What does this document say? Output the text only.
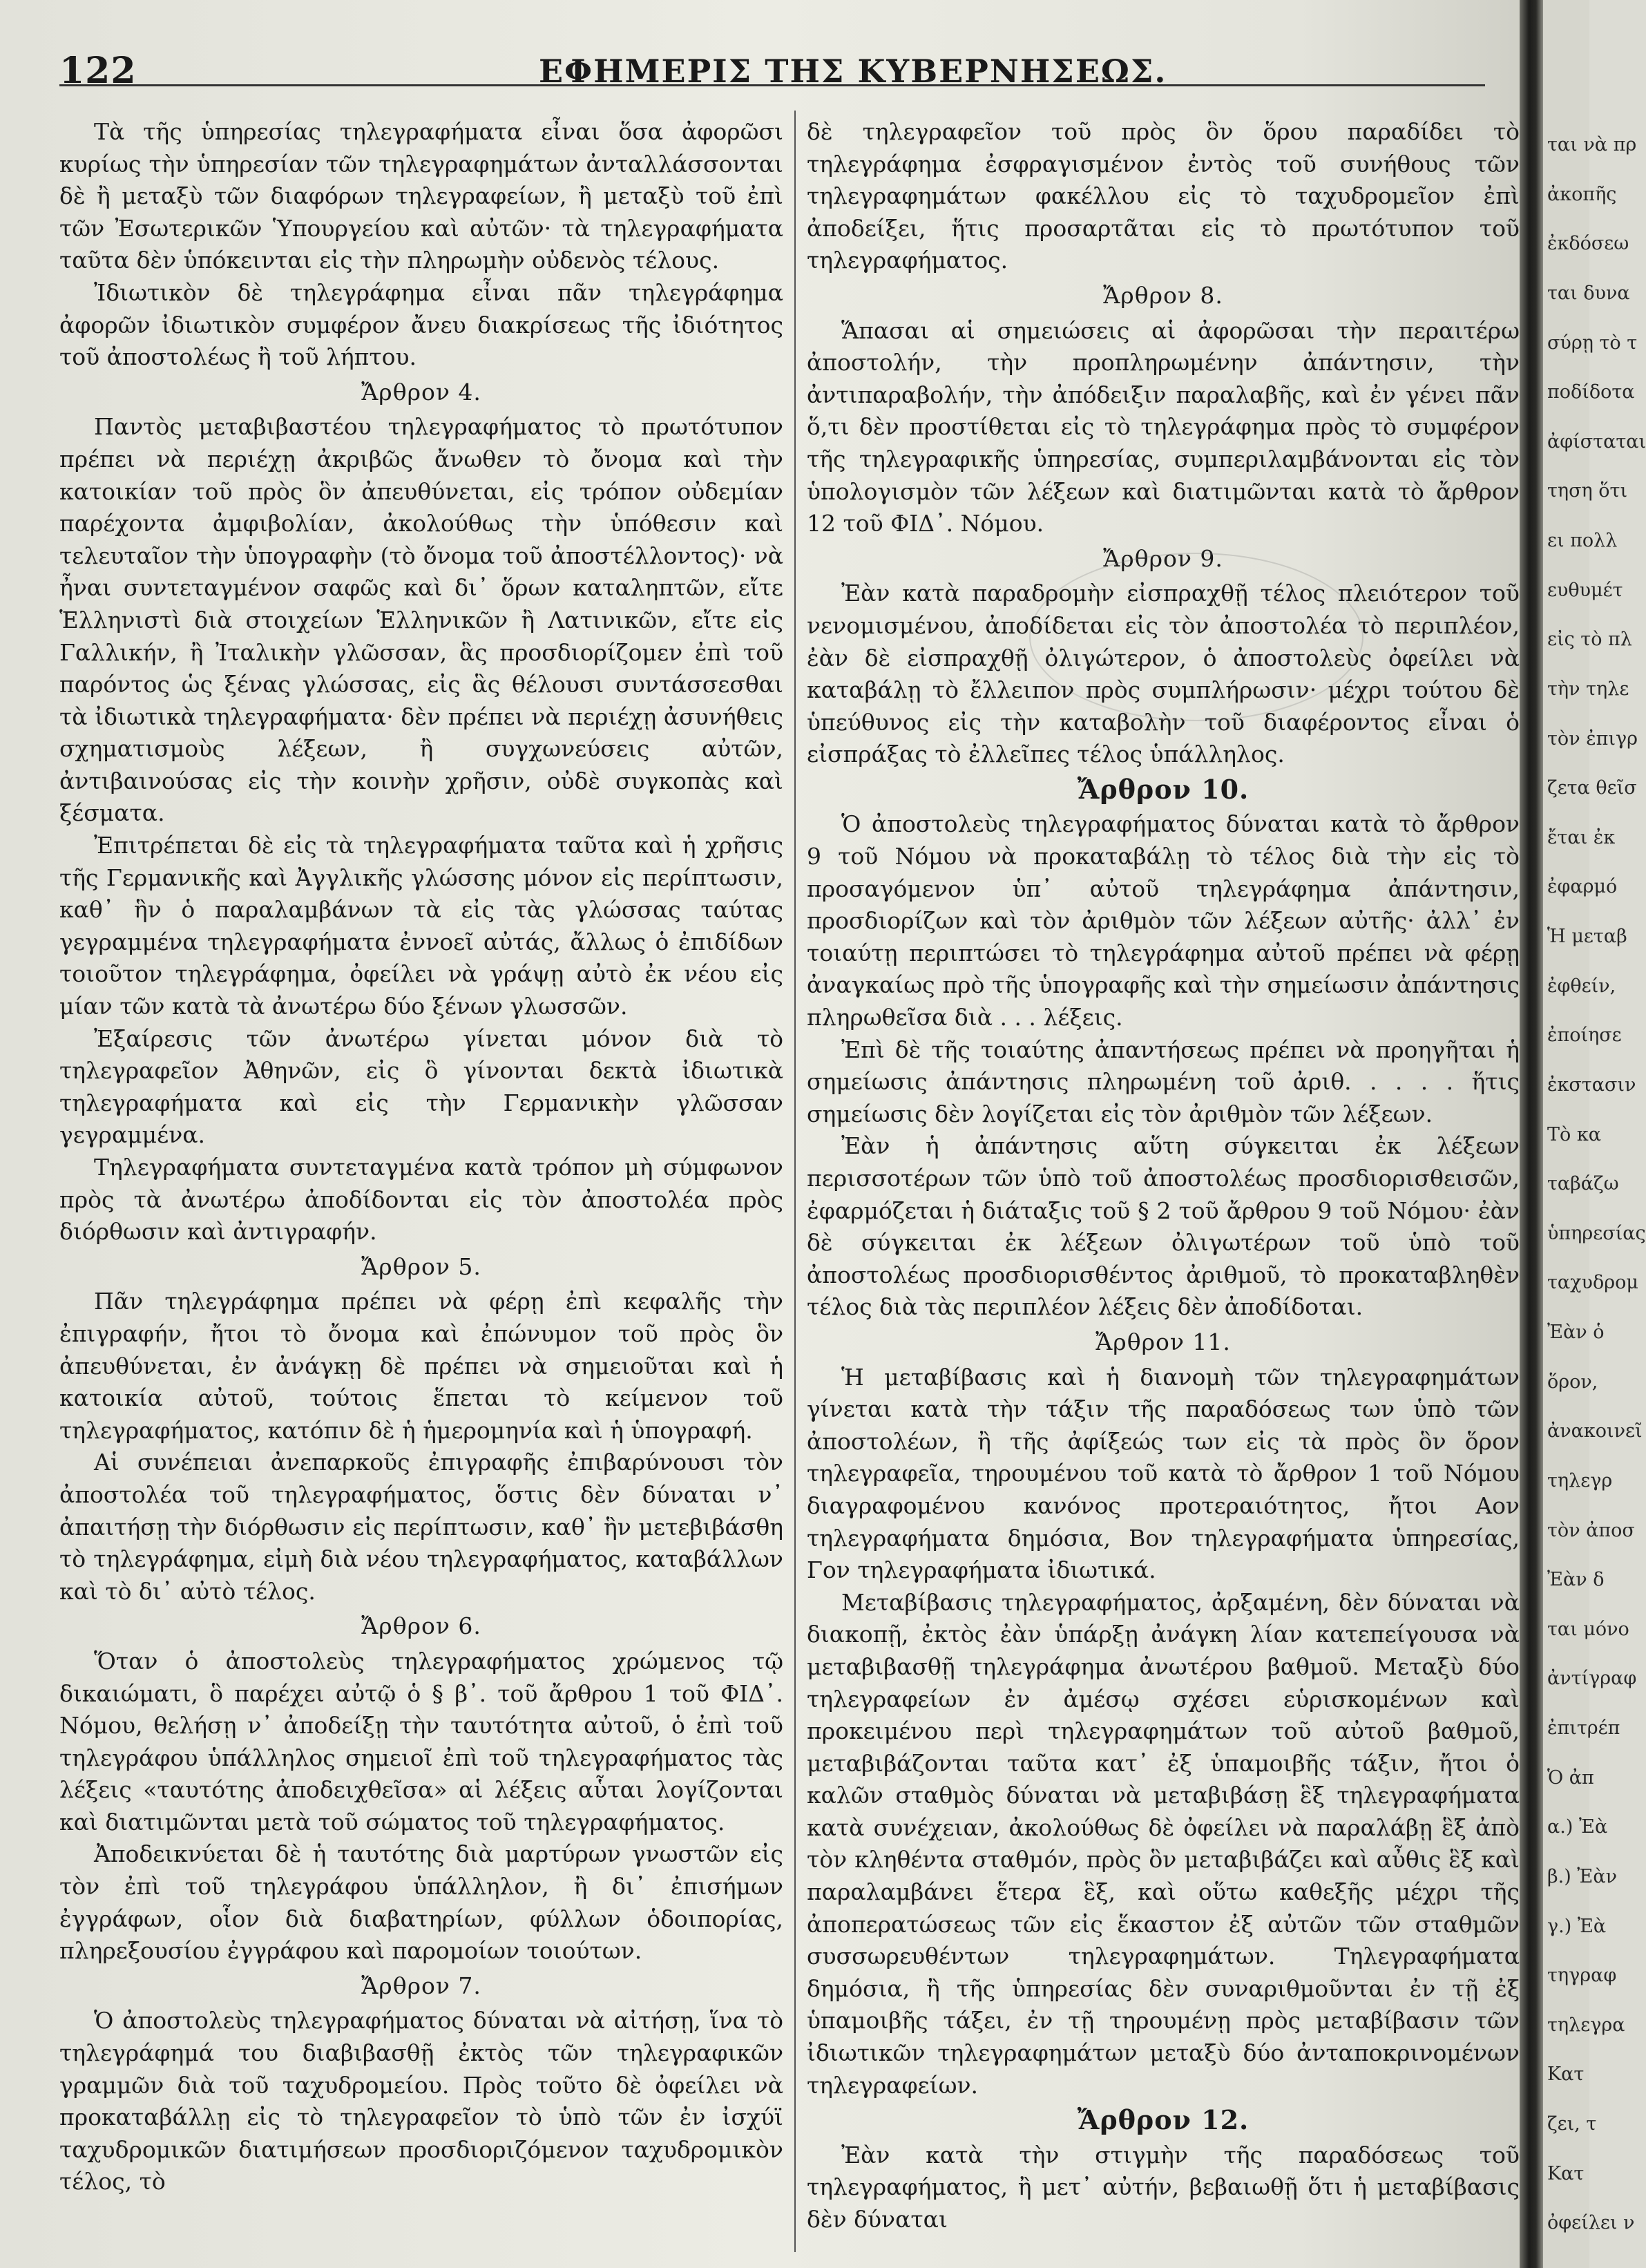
122	ΕΦΗΜΕΡΙΣ ΤΗΣ ΚΥΒΕΡΝΗΣΕΩΣ.

Τὰ τῆς ὑπηρεσίας τηλεγραφήματα εἶναι ὅσα ἀφορῶσι κυρίως τὴν ὑπηρεσίαν τῶν τηλεγραφημάτων ἀνταλλάσσονται δὲ ἢ μεταξὺ τῶν διαφόρων τηλεγραφείων, ἢ μεταξὺ τοῦ ἐπὶ τῶν Ἐσωτερικῶν Ὑπουργείου καὶ αὐτῶν· τὰ τηλεγραφήματα ταῦτα δὲν ὑπόκεινται εἰς τὴν πληρωμὴν οὐδενὸς τέλους.

Ἰδιωτικὸν δὲ τηλεγράφημα εἶναι πᾶν τηλεγράφημα ἀφορῶν ἰδιωτικὸν συμφέρον ἄνευ διακρίσεως τῆς ἰδιότητος τοῦ ἀποστολέως ἢ τοῦ λήπτου.

Ἄρθρον 4.

Παντὸς μεταβιβαστέου τηλεγραφήματος τὸ πρωτότυπον πρέπει νὰ περιέχῃ ἀκριβῶς ἄνωθεν τὸ ὄνομα καὶ τὴν κατοικίαν τοῦ πρὸς ὃν ἀπευθύνεται, εἰς τρόπον οὐδεμίαν παρέχοντα ἀμφιβολίαν, ἀκολούθως τὴν ὑπόθεσιν καὶ τελευταῖον τὴν ὑπογραφὴν (τὸ ὄνομα τοῦ ἀποστέλλοντος)· νὰ ἦναι συντεταγμένον σαφῶς καὶ δι᾽ ὅρων καταληπτῶν, εἴτε Ἑλληνιστὶ διὰ στοιχείων Ἑλληνικῶν ἢ Λατινικῶν, εἴτε εἰς Γαλλικήν, ἢ Ἰταλικὴν γλῶσσαν, ἃς προσδιορίζομεν ἐπὶ τοῦ παρόντος ὡς ξένας γλώσσας, εἰς ἃς θέλουσι συντάσσεσθαι τὰ ἰδιωτικὰ τηλεγραφήματα· δὲν πρέπει νὰ περιέχῃ ἀσυνήθεις σχηματισμοὺς λέξεων, ἢ συγχωνεύσεις αὐτῶν, ἀντιβαινούσας εἰς τὴν κοινὴν χρῆσιν, οὐδὲ συγκοπὰς καὶ ξέσματα.

Ἐπιτρέπεται δὲ εἰς τὰ τηλεγραφήματα ταῦτα καὶ ἡ χρῆσις τῆς Γερμανικῆς καὶ Ἀγγλικῆς γλώσσης μόνον εἰς περίπτωσιν, καθ᾽ ἣν ὁ παραλαμβάνων τὰ εἰς τὰς γλώσσας ταύτας γεγραμμένα τηλεγραφήματα ἐννοεῖ αὐτάς, ἄλλως ὁ ἐπιδίδων τοιοῦτον τηλεγράφημα, ὀφείλει νὰ γράψῃ αὐτὸ ἐκ νέου εἰς μίαν τῶν κατὰ τὰ ἀνωτέρω δύο ξένων γλωσσῶν.

Ἐξαίρεσις τῶν ἀνωτέρω γίνεται μόνον διὰ τὸ τηλεγραφεῖον Ἀθηνῶν, εἰς ὃ γίνονται δεκτὰ ἰδιωτικὰ τηλεγραφήματα καὶ εἰς τὴν Γερμανικὴν γλῶσσαν γεγραμμένα.

Τηλεγραφήματα συντεταγμένα κατὰ τρόπον μὴ σύμφωνον πρὸς τὰ ἀνωτέρω ἀποδίδονται εἰς τὸν ἀποστολέα πρὸς διόρθωσιν καὶ ἀντιγραφήν.

Ἄρθρον 5.

Πᾶν τηλεγράφημα πρέπει νὰ φέρῃ ἐπὶ κεφαλῆς τὴν ἐπιγραφήν, ἤτοι τὸ ὄνομα καὶ ἐπώνυμον τοῦ πρὸς ὃν ἀπευθύνεται, ἐν ἀνάγκῃ δὲ πρέπει νὰ σημειοῦται καὶ ἡ κατοικία αὐτοῦ, τούτοις ἕπεται τὸ κείμενον τοῦ τηλεγραφήματος, κατόπιν δὲ ἡ ἡμερομηνία καὶ ἡ ὑπογραφή.

Αἱ συνέπειαι ἀνεπαρκοῦς ἐπιγραφῆς ἐπιβαρύνουσι τὸν ἀποστολέα τοῦ τηλεγραφήματος, ὅστις δὲν δύναται ν᾽ ἀπαιτήσῃ τὴν διόρθωσιν εἰς περίπτωσιν, καθ᾽ ἣν μετεβιβάσθη τὸ τηλεγράφημα, εἰμὴ διὰ νέου τηλεγραφήματος, καταβάλλων καὶ τὸ δι᾽ αὐτὸ τέλος.

Ἄρθρον 6.

Ὅταν ὁ ἀποστολεὺς τηλεγραφήματος χρώμενος τῷ δικαιώματι, ὃ παρέχει αὐτῷ ὁ § β᾽. τοῦ ἄρθρου 1 τοῦ ΦΙΔ᾽. Νόμου, θελήσῃ ν᾽ ἀποδείξῃ τὴν ταυτότητα αὐτοῦ, ὁ ἐπὶ τοῦ τηλεγράφου ὑπάλληλος σημειοῖ ἐπὶ τοῦ τηλεγραφήματος τὰς λέξεις «ταυτότης ἀποδειχθεῖσα» αἱ λέξεις αὗται λογίζονται καὶ διατιμῶνται μετὰ τοῦ σώματος τοῦ τηλεγραφήματος.

Ἀποδεικνύεται δὲ ἡ ταυτότης διὰ μαρτύρων γνωστῶν εἰς τὸν ἐπὶ τοῦ τηλεγράφου ὑπάλληλον, ἢ δι᾽ ἐπισήμων ἐγγράφων, οἷον διὰ διαβατηρίων, φύλλων ὁδοιπορίας, πληρεξουσίου ἐγγράφου καὶ παρομοίων τοιούτων.

Ἄρθρον 7.

Ὁ ἀποστολεὺς τηλεγραφήματος δύναται νὰ αἰτήσῃ, ἵνα τὸ τηλεγράφημά του διαβιβασθῇ ἐκτὸς τῶν τηλεγραφικῶν γραμμῶν διὰ τοῦ ταχυδρομείου. Πρὸς τοῦτο δὲ ὀφείλει νὰ προκαταβάλλῃ εἰς τὸ τηλεγραφεῖον τὸ ὑπὸ τῶν ἐν ἰσχύϊ ταχυδρομικῶν διατιμήσεων προσδιοριζόμενον ταχυδρομικὸν τέλος, τὸ

δὲ τηλεγραφεῖον τοῦ πρὸς ὃν ὅρου παραδίδει τὸ τηλεγράφημα ἐσφραγισμένον ἐντὸς τοῦ συνήθους τῶν τηλεγραφημάτων φακέλλου εἰς τὸ ταχυδρομεῖον ἐπὶ ἀποδείξει, ἥτις προσαρτᾶται εἰς τὸ πρωτότυπον τοῦ τηλεγραφήματος.

Ἄρθρον 8.

Ἅπασαι αἱ σημειώσεις αἱ ἀφορῶσαι τὴν περαιτέρω ἀποστολήν, τὴν προπληρωμένην ἀπάντησιν, τὴν ἀντιπαραβολήν, τὴν ἀπόδειξιν παραλαβῆς, καὶ ἐν γένει πᾶν ὅ,τι δὲν προστίθεται εἰς τὸ τηλεγράφημα πρὸς τὸ συμφέρον τῆς τηλεγραφικῆς ὑπηρεσίας, συμπεριλαμβάνονται εἰς τὸν ὑπολογισμὸν τῶν λέξεων καὶ διατιμῶνται κατὰ τὸ ἄρθρον 12 τοῦ ΦΙΔ᾽. Νόμου.

Ἄρθρον 9.

Ἐὰν κατὰ παραδρομὴν εἰσπραχθῇ τέλος πλειότερον τοῦ νενομισμένου, ἀποδίδεται εἰς τὸν ἀποστολέα τὸ περιπλέον, ἐὰν δὲ εἰσπραχθῇ ὀλιγώτερον, ὁ ἀποστολεὺς ὀφείλει νὰ καταβάλῃ τὸ ἔλλειπον πρὸς συμπλήρωσιν· μέχρι τούτου δὲ ὑπεύθυνος εἰς τὴν καταβολὴν τοῦ διαφέροντος εἶναι ὁ εἰσπράξας τὸ ἐλλεῖπες τέλος ὑπάλληλος.

Ἄρθρον 10.

Ὁ ἀποστολεὺς τηλεγραφήματος δύναται κατὰ τὸ ἄρθρον 9 τοῦ Νόμου νὰ προκαταβάλῃ τὸ τέλος διὰ τὴν εἰς τὸ προσαγόμενον ὑπ᾽ αὐτοῦ τηλεγράφημα ἀπάντησιν, προσδιορίζων καὶ τὸν ἀριθμὸν τῶν λέξεων αὐτῆς· ἀλλ᾽ ἐν τοιαύτῃ περιπτώσει τὸ τηλεγράφημα αὐτοῦ πρέπει νὰ φέρῃ ἀναγκαίως πρὸ τῆς ὑπογραφῆς καὶ τὴν σημείωσιν ἀπάντησις πληρωθεῖσα διὰ . . . λέξεις.

Ἐπὶ δὲ τῆς τοιαύτης ἀπαντήσεως πρέπει νὰ προηγῆται ἡ σημείωσις ἀπάντησις πληρωμένη τοῦ ἀριθ. . . . . ἥτις σημείωσις δὲν λογίζεται εἰς τὸν ἀριθμὸν τῶν λέξεων.

Ἐὰν ἡ ἀπάντησις αὕτη σύγκειται ἐκ λέξεων περισσοτέρων τῶν ὑπὸ τοῦ ἀποστολέως προσδιορισθεισῶν, ἐφαρμόζεται ἡ διάταξις τοῦ § 2 τοῦ ἄρθρου 9 τοῦ Νόμου· ἐὰν δὲ σύγκειται ἐκ λέξεων ὀλιγωτέρων τοῦ ὑπὸ τοῦ ἀποστολέως προσδιορισθέντος ἀριθμοῦ, τὸ προκαταβληθὲν τέλος διὰ τὰς περιπλέον λέξεις δὲν ἀποδίδοται.

Ἄρθρον 11.

Ἡ μεταβίβασις καὶ ἡ διανομὴ τῶν τηλεγραφημάτων γίνεται κατὰ τὴν τάξιν τῆς παραδόσεως των ὑπὸ τῶν ἀποστολέων, ἢ τῆς ἀφίξεώς των εἰς τὰ πρὸς ὃν ὅρον τηλεγραφεῖα, τηρουμένου τοῦ κατὰ τὸ ἄρθρον 1 τοῦ Νόμου διαγραφομένου κανόνος προτεραιότητος, ἤτοι Αον τηλεγραφήματα δημόσια, Βον τηλεγραφήματα ὑπηρεσίας, Γον τηλεγραφήματα ἰδιωτικά.

Μεταβίβασις τηλεγραφήματος, ἀρξαμένη, δὲν δύναται νὰ διακοπῇ, ἐκτὸς ἐὰν ὑπάρξῃ ἀνάγκη λίαν κατεπείγουσα νὰ μεταβιβασθῇ τηλεγράφημα ἀνωτέρου βαθμοῦ. Μεταξὺ δύο τηλεγραφείων ἐν ἀμέσῳ σχέσει εὑρισκομένων καὶ προκειμένου περὶ τηλεγραφημάτων τοῦ αὐτοῦ βαθμοῦ, μεταβιβάζονται ταῦτα κατ᾽ ἐξ ὑπαμοιβῆς τάξιν, ἤτοι ὁ καλῶν σταθμὸς δύναται νὰ μεταβιβάσῃ ἓξ τηλεγραφήματα κατὰ συνέχειαν, ἀκολούθως δὲ ὀφείλει νὰ παραλάβῃ ἓξ ἀπὸ τὸν κληθέντα σταθμόν, πρὸς ὃν μεταβιβάζει καὶ αὖθις ἓξ καὶ παραλαμβάνει ἕτερα ἓξ, καὶ οὕτω καθεξῆς μέχρι τῆς ἀποπερατώσεως τῶν εἰς ἕκαστον ἐξ αὐτῶν τῶν σταθμῶν συσσωρευθέντων τηλεγραφημάτων. Τηλεγραφήματα δημόσια, ἢ τῆς ὑπηρεσίας δὲν συναριθμοῦνται ἐν τῇ ἐξ ὑπαμοιβῆς τάξει, ἐν τῇ τηρουμένῃ πρὸς μεταβίβασιν τῶν ἰδιωτικῶν τηλεγραφημάτων μεταξὺ δύο ἀνταποκρινομένων τηλεγραφείων.

Ἄρθρον 12.

Ἐὰν κατὰ τὴν στιγμὴν τῆς παραδόσεως τοῦ τηλεγραφήματος, ἢ μετ᾽ αὐτήν, βεβαιωθῇ ὅτι ἡ μεταβίβασις δὲν δύναται

ται νὰ πρ
ἀκοπῆς
ἐκδόσεω
ται δυνα
σύρῃ τὸ τ
ποδίδοτα
ἀφίσταται
τηση ὅτι
ει πολλ
ευθυμέτ
εἰς τὸ πλ
τὴν τηλε
τὸν ἐπιγρ
ζετα θεῖσ
ἔται ἐκ
ἐφαρμό
Ἡ μεταβ
ἐφθείν,
ἐποίησε
ἐκστασιν
Τὸ κα
ταβάζω
ὑπηρεσίας
ταχυδρομ
Ἐὰν ὁ
ὅρον,
ἀνακοινεῖ
τηλεγρ
τὸν ἀποσ
Ἐὰν δ
ται μόνο
ἀντίγραφ
ἐπιτρέπ
Ὁ ἀπ
α.) Ἐὰ
β.) Ἐὰν
γ.) Ἐὰ
τηγραφ
τηλεγρα
Κατ
ζει, τ
Κατ
ὀφείλει ν
